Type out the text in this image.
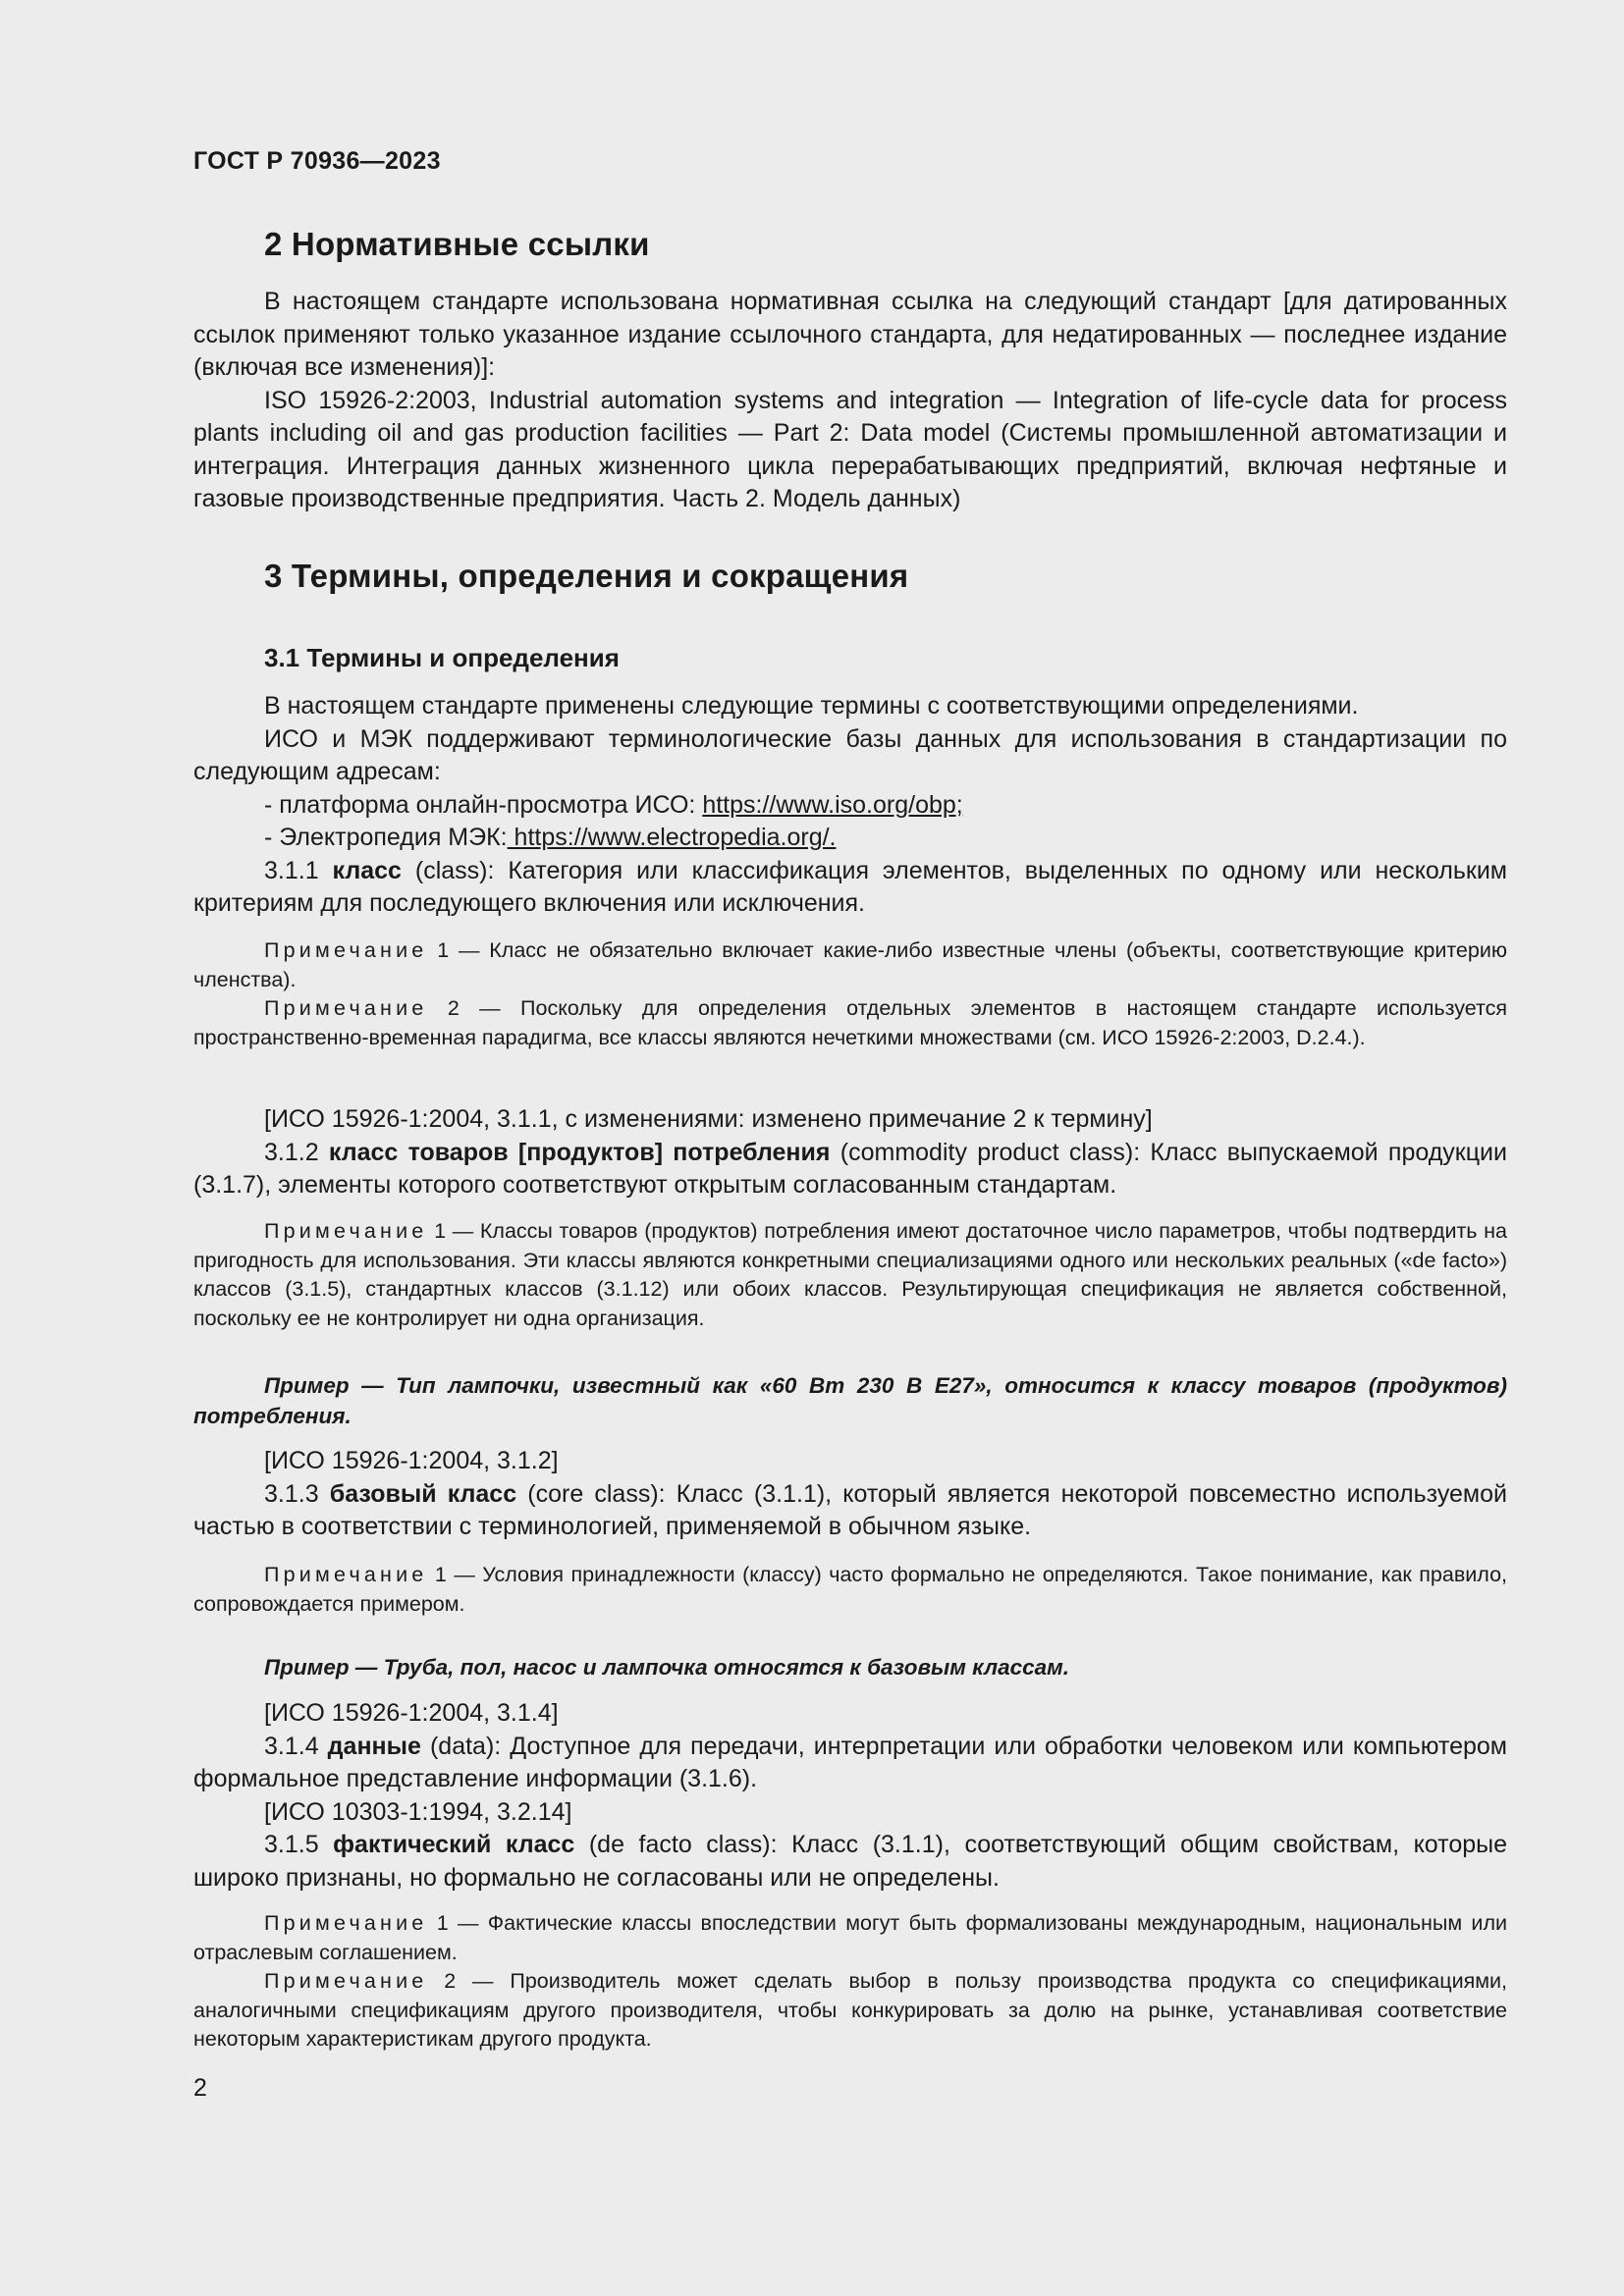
ГОСТ Р 70936—2023
2 Нормативные ссылки

В настоящем стандарте использована нормативная ссылка на следующий стандарт [для датированных ссылок применяют только указанное издание ссылочного стандарта, для недатированных — последнее издание (включая все изменения)]:

ISO 15926-2:2003, Industrial automation systems and integration — Integration of life-cycle data for process plants including oil and gas production facilities — Part 2: Data model (Системы промышленной автоматизации и интеграция. Интеграция данных жизненного цикла перерабатывающих предприятий, включая нефтяные и газовые производственные предприятия. Часть 2. Модель данных)

3 Термины, определения и сокращения
3.1 Термины и определения

В настоящем стандарте применены следующие термины с соответствующими определениями.

ИСО и МЭК поддерживают терминологические базы данных для использования в стандартизации по следующим адресам:

- платформа онлайн-просмотра ИСО: https://www.iso.org/obp;

- Электропедия МЭК: https://www.electropedia.org/.

3.1.1 класс (class): Категория или классификация элементов, выделенных по одному или нескольким критериям для последующего включения или исключения.

Примечание 1 — Класс не обязательно включает какие-либо известные члены (объекты, соответствующие критерию членства).

Примечание 2 — Поскольку для определения отдельных элементов в настоящем стандарте используется пространственно-временная парадигма, все классы являются нечеткими множествами (см. ИСО 15926-2:2003, D.2.4.).

[ИСО 15926-1:2004, 3.1.1, с изменениями: изменено примечание 2 к термину]

3.1.2 класс товаров [продуктов] потребления (commodity product class): Класс выпускаемой продукции (3.1.7), элементы которого соответствуют открытым согласованным стандартам.

Примечание 1 — Классы товаров (продуктов) потребления имеют достаточное число параметров, чтобы подтвердить на пригодность для использования. Эти классы являются конкретными специализациями одного или нескольких реальных («de facto») классов (3.1.5), стандартных классов (3.1.12) или обоих классов. Результирующая спецификация не является собственной, поскольку ее не контролирует ни одна организация.

Пример — Тип лампочки, известный как «60 Вт 230 В Е27», относится к классу товаров (продуктов) потребления.

[ИСО 15926-1:2004, 3.1.2]

3.1.3 базовый класс (core class): Класс (3.1.1), который является некоторой повсеместно используемой частью в соответствии с терминологией, применяемой в обычном языке.

Примечание 1 — Условия принадлежности (классу) часто формально не определяются. Такое понимание, как правило, сопровождается примером.

Пример — Труба, пол, насос и лампочка относятся к базовым классам.

[ИСО 15926-1:2004, 3.1.4]

3.1.4 данные (data): Доступное для передачи, интерпретации или обработки человеком или компьютером формальное представление информации (3.1.6).

[ИСО 10303-1:1994, 3.2.14]

3.1.5 фактический класс (de facto class): Класс (3.1.1), соответствующий общим свойствам, которые широко признаны, но формально не согласованы или не определены.

Примечание 1 — Фактические классы впоследствии могут быть формализованы международным, национальным или отраслевым соглашением.

Примечание 2 — Производитель может сделать выбор в пользу производства продукта со спецификациями, аналогичными спецификациям другого производителя, чтобы конкурировать за долю на рынке, устанавливая соответствие некоторым характеристикам другого продукта.

2
